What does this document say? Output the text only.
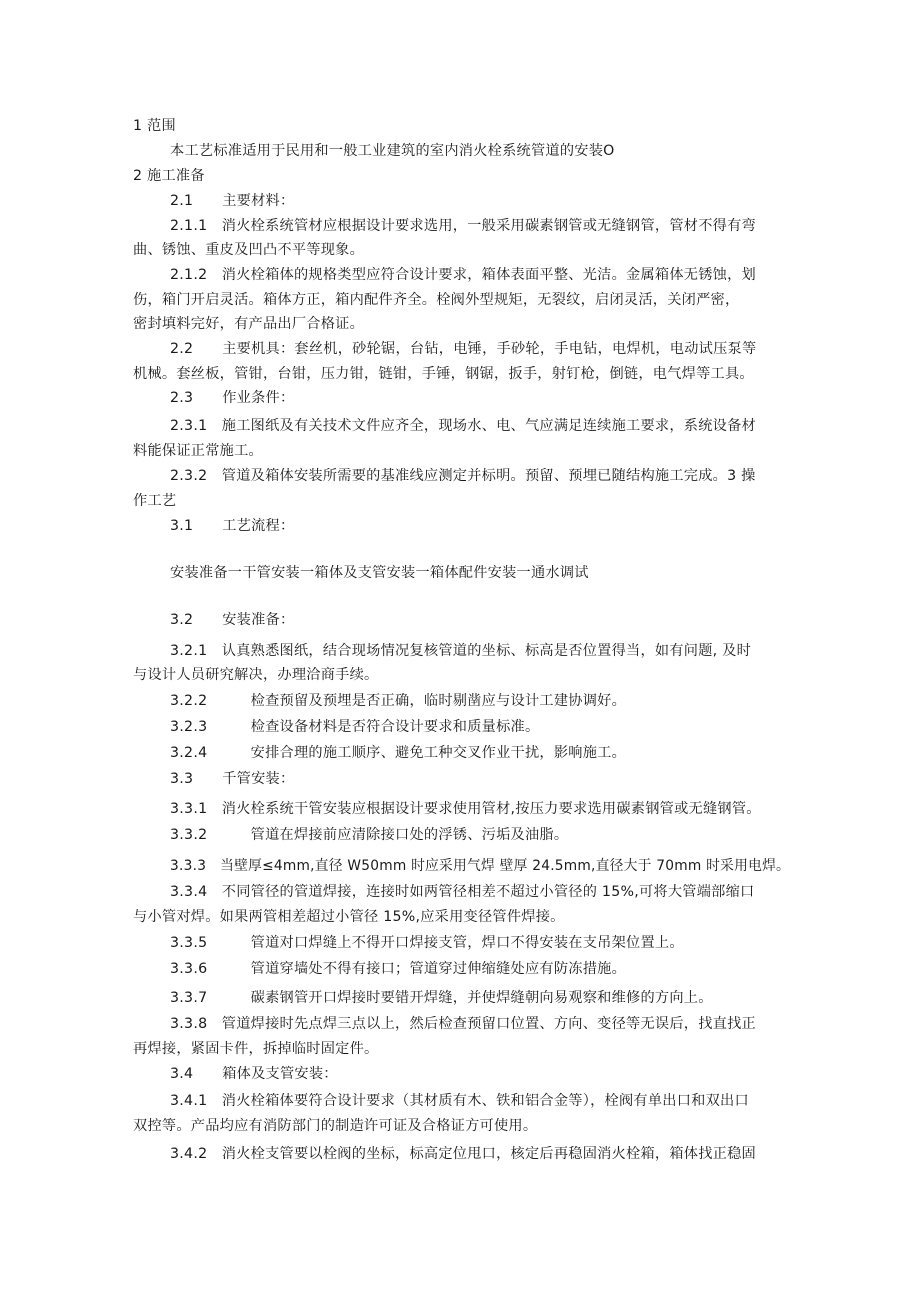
1 范围
本工艺标准适用于民用和一般工业建筑的室内消火栓系统管道的安装O
2 施工准备
2.1　　主要材料：
2.1.1　消火栓系统管材应根据设计要求选用，一般采用碳素钢管或无缝钢管，管材不得有弯
曲、锈蚀、重皮及凹凸不平等现象。
2.1.2　消火栓箱体的规格类型应符合设计要求，箱体表面平整、光洁。金属箱体无锈蚀，划
伤，箱门开启灵活。箱体方正，箱内配件齐全。栓阀外型规矩，无裂纹，启闭灵活，关闭严密，
密封填料完好，有产品出厂合格证。
2.2　　主要机具：套丝机，砂轮锯，台钻，电锤，手砂轮，手电钻，电焊机，电动试压泵等
机械。套丝板，管钳，台钳，压力钳，链钳，手锤，钢锯，扳手，射钉枪，倒链，电气焊等工具。
2.3　　作业条件：
2.3.1　施工图纸及有关技术文件应齐全，现场水、电、气应满足连续施工要求，系统设备材
料能保证正常施工。
2.3.2　管道及箱体安装所需要的基准线应测定并标明。预留、预埋已随结构施工完成。3 操
作工艺
3.1　　工艺流程：
安装准备一干管安装一箱体及支管安装一箱体配件安装一通水调试
3.2　　安装准备：
3.2.1　认真熟悉图纸，结合现场情况复核管道的坐标、标高是否位置得当，如有问题, 及时
与设计人员研究解决，办理洽商手续。
3.2.2　　　检查预留及预埋是否正确，临时剔凿应与设计工建协调好。
3.2.3　　　检查设备材料是否符合设计要求和质量标准。
3.2.4　　　安排合理的施工顺序、避免工种交叉作业干扰，影响施工。
3.3　　千管安装：
3.3.1　消火栓系统干管安装应根据设计要求使用管材,按压力要求选用碳素钢管或无缝钢管。
3.3.2　　　管道在焊接前应清除接口处的浮锈、污垢及油脂。
3.3.3　当壁厚≤4mm,直径 W50mm 时应采用气焊 壁厚 24.5mm,直径大于 70mm 时采用电焊。
3.3.4　不同管径的管道焊接，连接时如两管径相差不超过小管径的 15%,可将大管端部缩口
与小管对焊。如果两管相差超过小管径 15%,应采用变径管件焊接。
3.3.5　　　管道对口焊缝上不得开口焊接支管，焊口不得安装在支吊架位置上。
3.3.6　　　管道穿墙处不得有接口；管道穿过伸缩缝处应有防冻措施。
3.3.7　　　碳素钢管开口焊接时要错开焊缝，并使焊缝朝向易观察和维修的方向上。
3.3.8　管道焊接时先点焊三点以上，然后检查预留口位置、方向、变径等无误后，找直找正
再焊接，紧固卡件，拆掉临时固定件。
3.4　　箱体及支管安装：
3.4.1　消火栓箱体要符合设计要求（其材质有木、铁和铝合金等），栓阀有单出口和双出口
双控等。产品均应有消防部门的制造许可证及合格证方可使用。
3.4.2　消火栓支管要以栓阀的坐标，标高定位甩口，核定后再稳固消火栓箱，箱体找正稳固
